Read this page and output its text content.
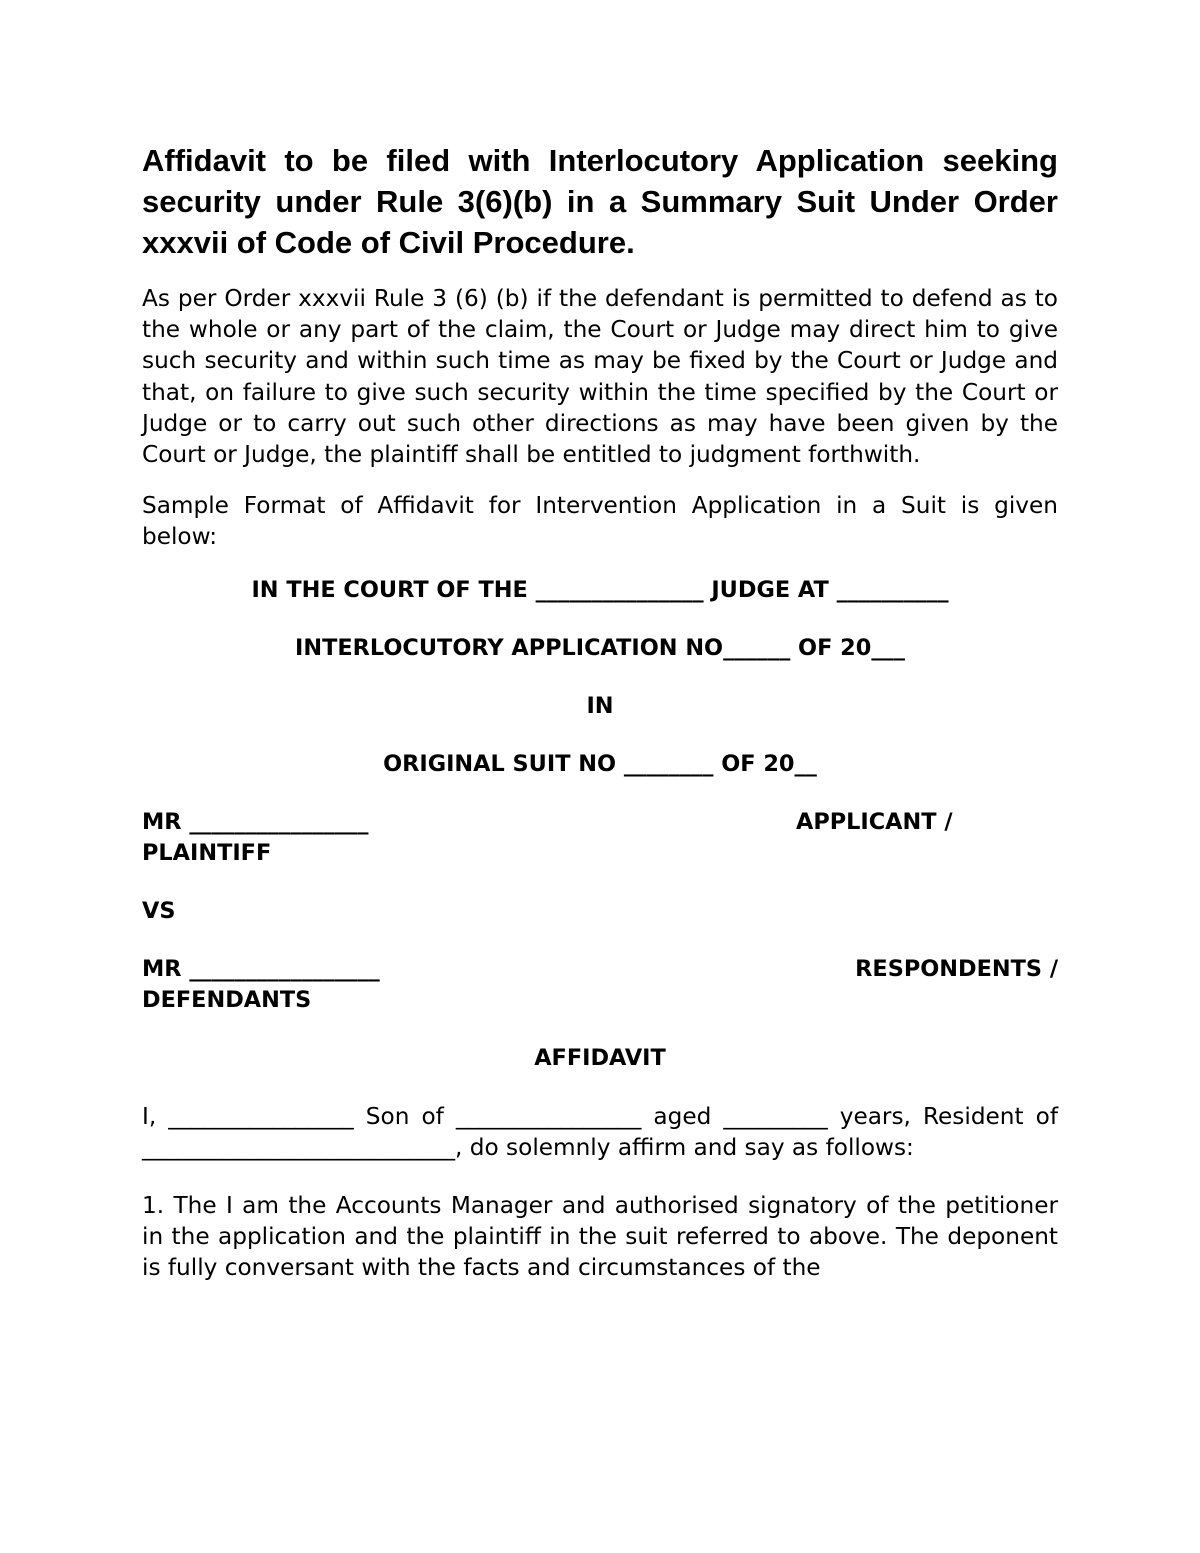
Affidavit to be filed with Interlocutory Application seeking security under Rule 3(6)(b) in a Summary Suit Under Order xxxvii of Code of Civil Procedure.

As per Order xxxvii Rule 3 (6) (b) if the defendant is permitted to defend as to the whole or any part of the claim, the Court or Judge may direct him to give such security and within such time as may be fixed by the Court or Judge and that, on failure to give such security within the time specified by the Court or Judge or to carry out such other directions as may have been given by the Court or Judge, the plaintiff shall be entitled to judgment forthwith.

Sample Format of Affidavit for Intervention Application in a Suit is given below:

IN THE COURT OF THE _______________ JUDGE AT __________

INTERLOCUTORY APPLICATION NO______ OF 20___

IN

ORIGINAL SUIT NO ________ OF 20__

MR ________________	APPLICANT /
PLAINTIFF

VS

MR _________________	RESPONDENTS /
DEFENDANTS

AFFIDAVIT

I, ________________ Son of ________________ aged _________ years, Resident of ___________________________, do solemnly affirm and say as follows:

1. The I am the Accounts Manager and authorised signatory of the petitioner in the application and the plaintiff in the suit referred to above. The deponent is fully conversant with the facts and circumstances of the
